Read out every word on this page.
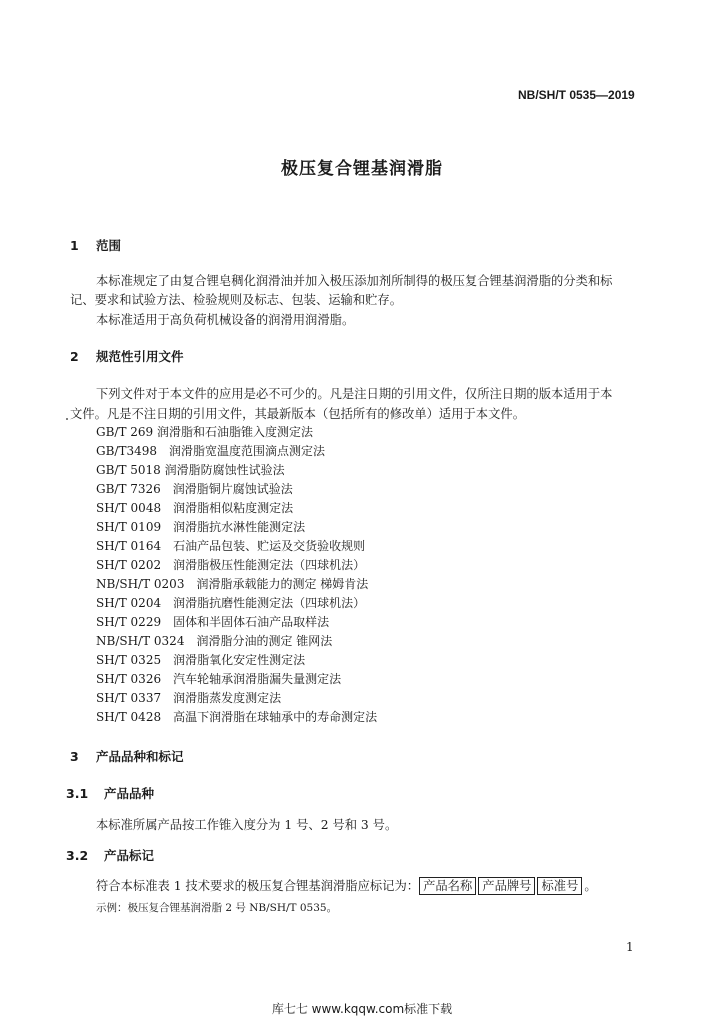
NB/SH/T 0535—2019
极压复合锂基润滑脂
1 范围
本标准规定了由复合锂皂稠化润滑油并加入极压添加剂所制得的极压复合锂基润滑脂的分类和标
记、要求和试验方法、检验规则及标志、包装、运输和贮存。
本标准适用于高负荷机械设备的润滑用润滑脂。
2 规范性引用文件
下列文件对于本文件的应用是必不可少的。凡是注日期的引用文件，仅所注日期的版本适用于本
文件。凡是不注日期的引用文件，其最新版本（包括所有的修改单）适用于本文件。
GB/T 269 润滑脂和石油脂锥入度测定法
GB/T3498　润滑脂宽温度范围滴点测定法
GB/T 5018 润滑脂防腐蚀性试验法
GB/T 7326　润滑脂铜片腐蚀试验法
SH/T 0048　润滑脂相似粘度测定法
SH/T 0109　润滑脂抗水淋性能测定法
SH/T 0164　石油产品包装、贮运及交货验收规则
SH/T 0202　润滑脂极压性能测定法（四球机法）
NB/SH/T 0203　润滑脂承载能力的测定 梯姆肯法
SH/T 0204　润滑脂抗磨性能测定法（四球机法）
SH/T 0229　固体和半固体石油产品取样法
NB/SH/T 0324　润滑脂分油的测定 锥网法
SH/T 0325　润滑脂氧化安定性测定法
SH/T 0326　汽车轮轴承润滑脂漏失量测定法
SH/T 0337　润滑脂蒸发度测定法
SH/T 0428　高温下润滑脂在球轴承中的寿命测定法
3 产品品种和标记
3.1 产品品种
本标准所属产品按工作锥入度分为 1 号、2 号和 3 号。
3.2 产品标记
符合本标准表 1 技术要求的极压复合锂基润滑脂应标记为： 产品名称 产品牌号 标准号 。
示例：极压复合锂基润滑脂 2 号 NB/SH/T 0535。
1
库七七 www.kqqw.com标准下载
